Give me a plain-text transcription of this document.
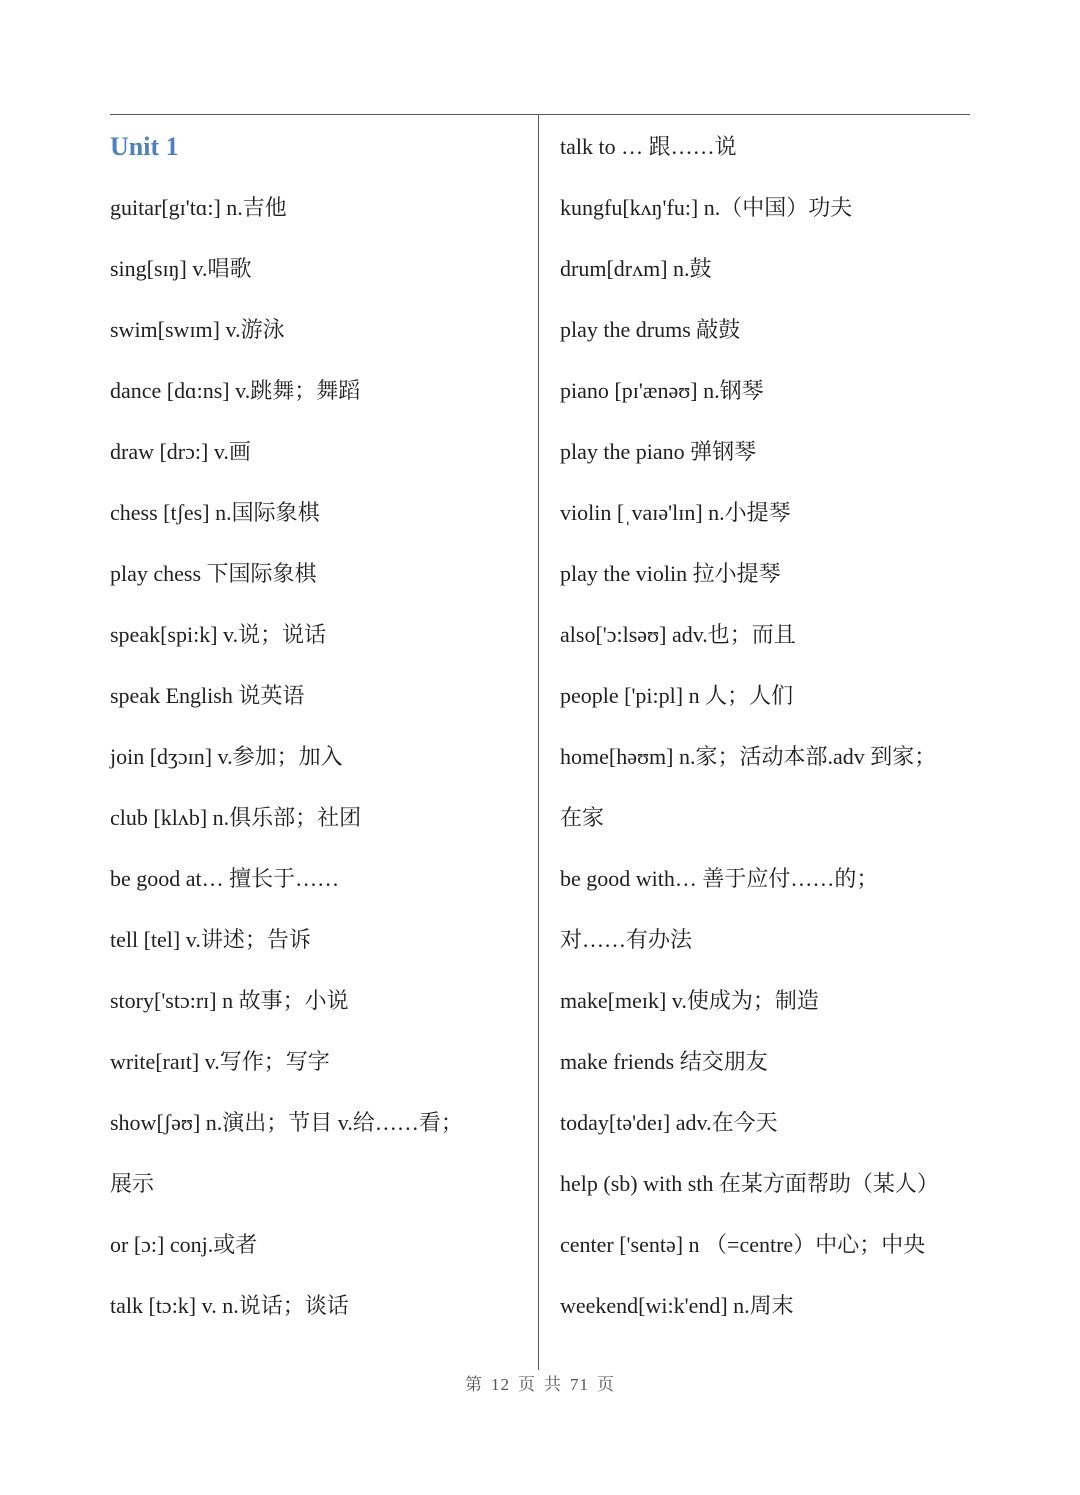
Unit 1
guitar[gɪ'tɑ:] n.吉他
sing[sɪŋ] v.唱歌
swim[swɪm] v.游泳
dance [dɑ:ns] v.跳舞；舞蹈
draw [drɔ:] v.画
chess [tʃes] n.国际象棋
play chess 下国际象棋
speak[spi:k] v.说；说话
speak English 说英语
join [dʒɔɪn] v.参加；加入
club [klʌb] n.俱乐部；社团
be good at… 擅长于……
tell [tel] v.讲述；告诉
story['stɔ:rɪ] n 故事；小说
write[raɪt] v.写作；写字
show[ʃəʊ] n.演出；节目 v.给……看；
展示
or [ɔ:] conj.或者
talk [tɔ:k] v. n.说话；谈话
talk to … 跟……说
kungfu[kʌŋ'fu:] n.（中国）功夫
drum[drʌm] n.鼓
play the drums 敲鼓
piano [pɪ'ænəʊ] n.钢琴
play the piano 弹钢琴
violin [ˌvaɪə'lɪn] n.小提琴
play the violin 拉小提琴
also['ɔ:lsəʊ] adv.也；而且
people ['pi:pl] n 人；人们
home[həʊm] n.家；活动本部.adv 到家；
在家
be good with… 善于应付……的；
对……有办法
make[meɪk] v.使成为；制造
make friends 结交朋友
today[tə'deɪ] adv.在今天
help (sb) with sth 在某方面帮助（某人）
center ['sentə] n （=centre）中心；中央
weekend[wi:k'end] n.周末
第 12 页 共 71 页
